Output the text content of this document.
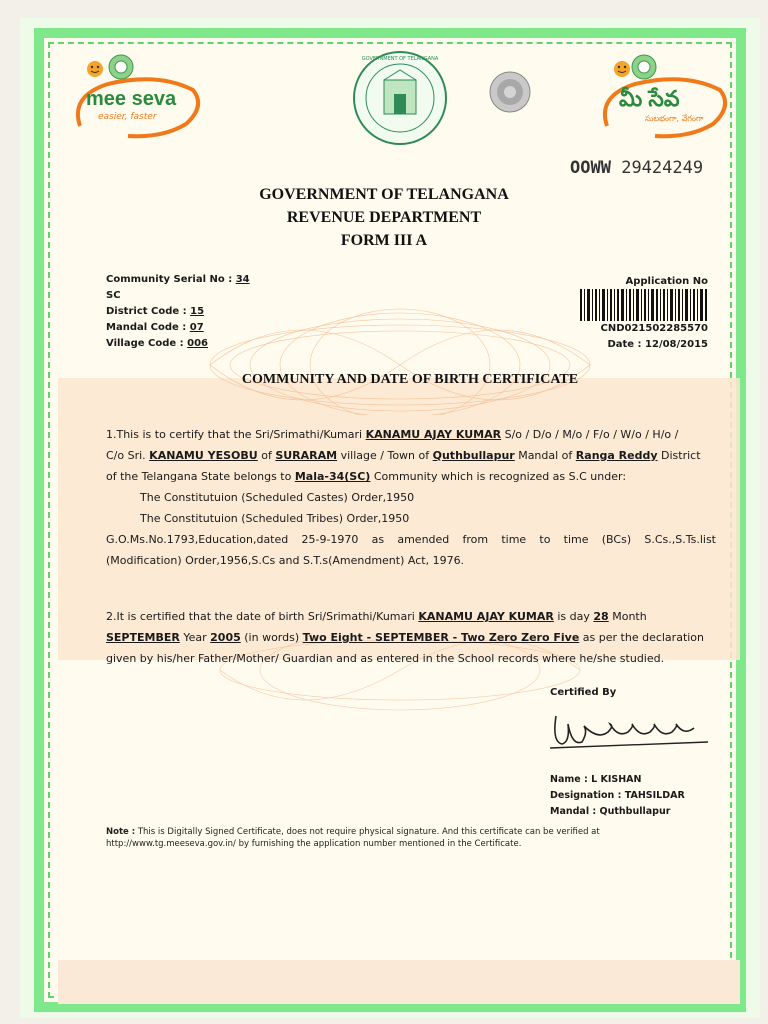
mee seva
easier, faster
మీ సేవ
సులభంగా, వేగంగా
GOVERNMENT OF TELANGANA
OOWW 29424249
GOVERNMENT OF TELANGANA
REVENUE DEPARTMENT
FORM III A
Community Serial No : 34
SC
District Code : 15
Mandal Code : 07
Village Code : 006
Application No
CND021502285570
Date : 12/08/2015
COMMUNITY AND DATE OF BIRTH CERTIFICATE
1.This is to certify that the Sri/Srimathi/Kumari KANAMU AJAY KUMAR S/o / D/o / M/o / F/o / W/o / H/o /
C/o Sri. KANAMU YESOBU of SURARAM village / Town of Quthbullapur Mandal of Ranga Reddy District
of the Telangana State belongs to Mala-34(SC) Community which is recognized as S.C under:
The Constitutuion (Scheduled Castes) Order,1950
The Constitutuion (Scheduled Tribes) Order,1950
G.O.Ms.No.1793,Education,dated 25-9-1970 as amended from time to time (BCs) S.Cs.,S.Ts.list
(Modification) Order,1956,S.Cs and S.T.s(Amendment) Act, 1976.
2.It is certified that the date of birth Sri/Srimathi/Kumari KANAMU AJAY KUMAR is day 28 Month
SEPTEMBER Year 2005 (in words) Two Eight - SEPTEMBER - Two Zero Zero Five as per the declaration
given by his/her Father/Mother/ Guardian and as entered in the School records where he/she studied.
Certified By
Name : L KISHAN
Designation : TAHSILDAR
Mandal : Quthbullapur
Note : This is Digitally Signed Certificate, does not require physical signature. And this certificate can be verified at
http://www.tg.meeseva.gov.in/ by furnishing the application number mentioned in the Certificate.
